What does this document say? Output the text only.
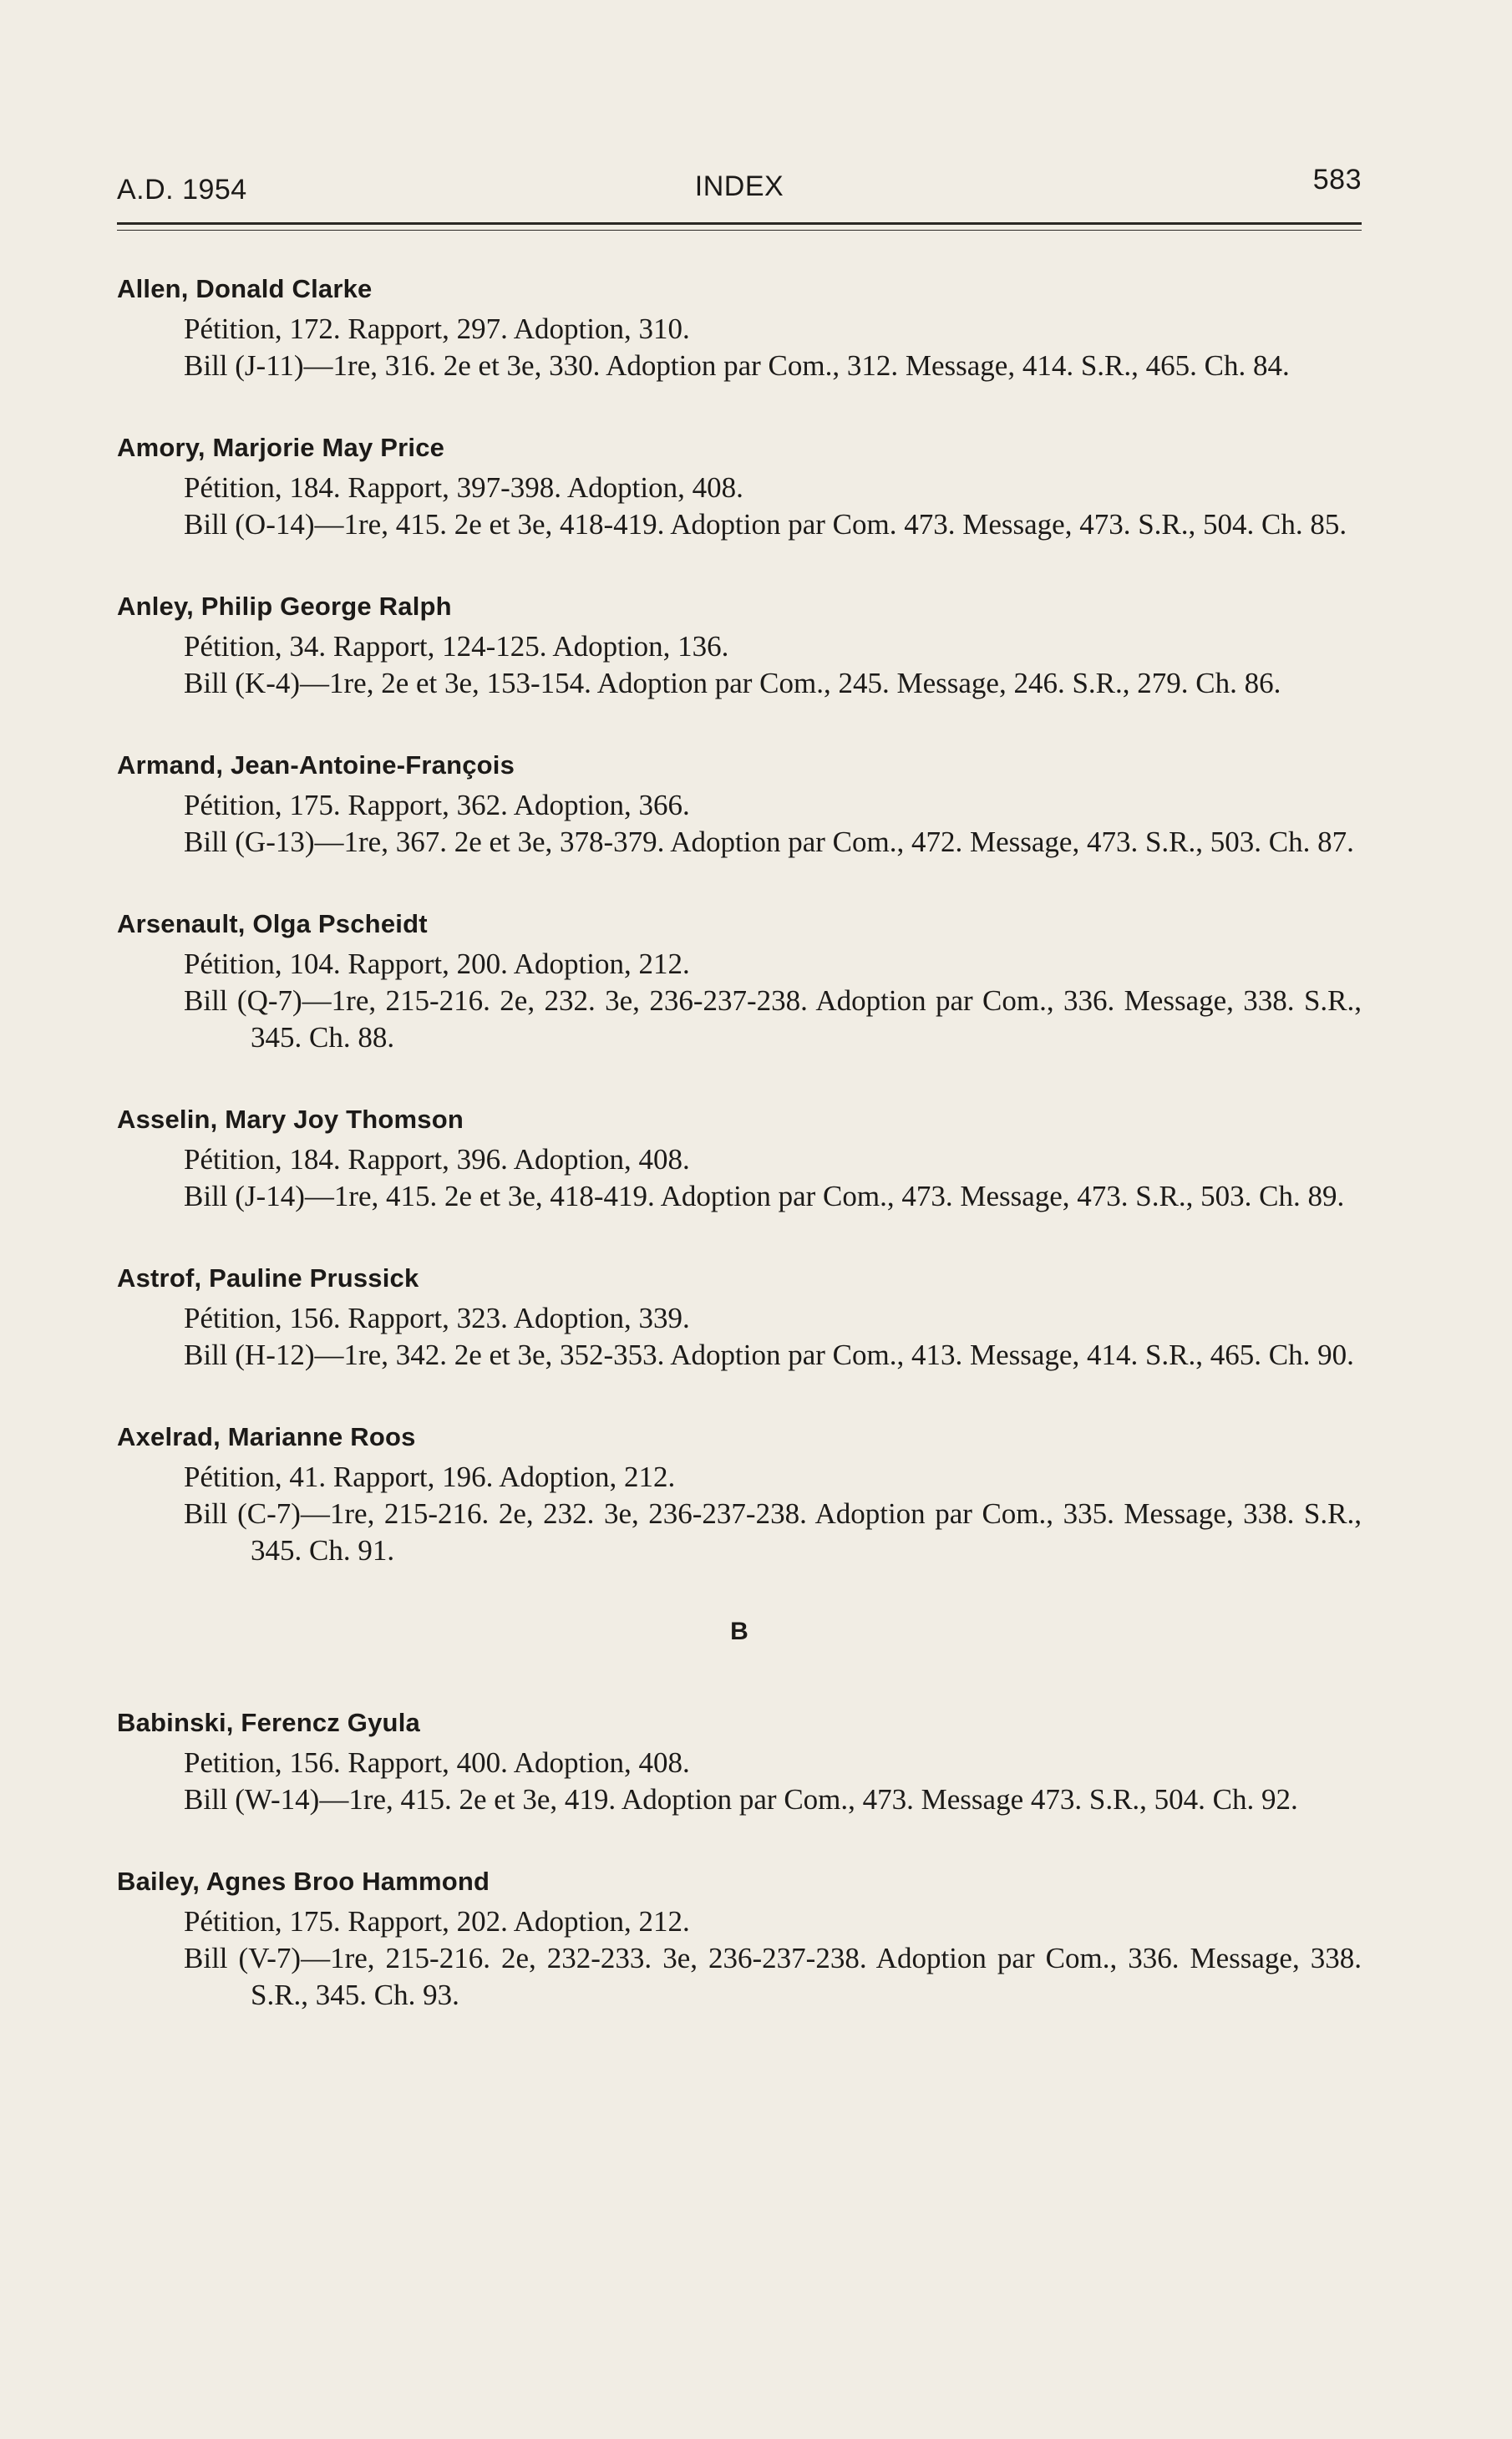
A.D. 1954	INDEX	583
Allen, Donald Clarke
Pétition, 172. Rapport, 297. Adoption, 310.
Bill (J-11)—1re, 316. 2e et 3e, 330. Adoption par Com., 312. Message, 414. S.R., 465. Ch. 84.
Amory, Marjorie May Price
Pétition, 184. Rapport, 397-398. Adoption, 408.
Bill (O-14)—1re, 415. 2e et 3e, 418-419. Adoption par Com. 473. Message, 473. S.R., 504. Ch. 85.
Anley, Philip George Ralph
Pétition, 34. Rapport, 124-125. Adoption, 136.
Bill (K-4)—1re, 2e et 3e, 153-154. Adoption par Com., 245. Message, 246. S.R., 279. Ch. 86.
Armand, Jean-Antoine-François
Pétition, 175. Rapport, 362. Adoption, 366.
Bill (G-13)—1re, 367. 2e et 3e, 378-379. Adoption par Com., 472. Message, 473. S.R., 503. Ch. 87.
Arsenault, Olga Pscheidt
Pétition, 104. Rapport, 200. Adoption, 212.
Bill (Q-7)—1re, 215-216. 2e, 232. 3e, 236-237-238. Adoption par Com., 336. Message, 338. S.R., 345. Ch. 88.
Asselin, Mary Joy Thomson
Pétition, 184. Rapport, 396. Adoption, 408.
Bill (J-14)—1re, 415. 2e et 3e, 418-419. Adoption par Com., 473. Message, 473. S.R., 503. Ch. 89.
Astrof, Pauline Prussick
Pétition, 156. Rapport, 323. Adoption, 339.
Bill (H-12)—1re, 342. 2e et 3e, 352-353. Adoption par Com., 413. Message, 414. S.R., 465. Ch. 90.
Axelrad, Marianne Roos
Pétition, 41. Rapport, 196. Adoption, 212.
Bill (C-7)—1re, 215-216. 2e, 232. 3e, 236-237-238. Adoption par Com., 335. Message, 338. S.R., 345. Ch. 91.
B
Babinski, Ferencz Gyula
Petition, 156. Rapport, 400. Adoption, 408.
Bill (W-14)—1re, 415. 2e et 3e, 419. Adoption par Com., 473. Message 473. S.R., 504. Ch. 92.
Bailey, Agnes Broo Hammond
Pétition, 175. Rapport, 202. Adoption, 212.
Bill (V-7)—1re, 215-216. 2e, 232-233. 3e, 236-237-238. Adoption par Com., 336. Message, 338. S.R., 345. Ch. 93.
